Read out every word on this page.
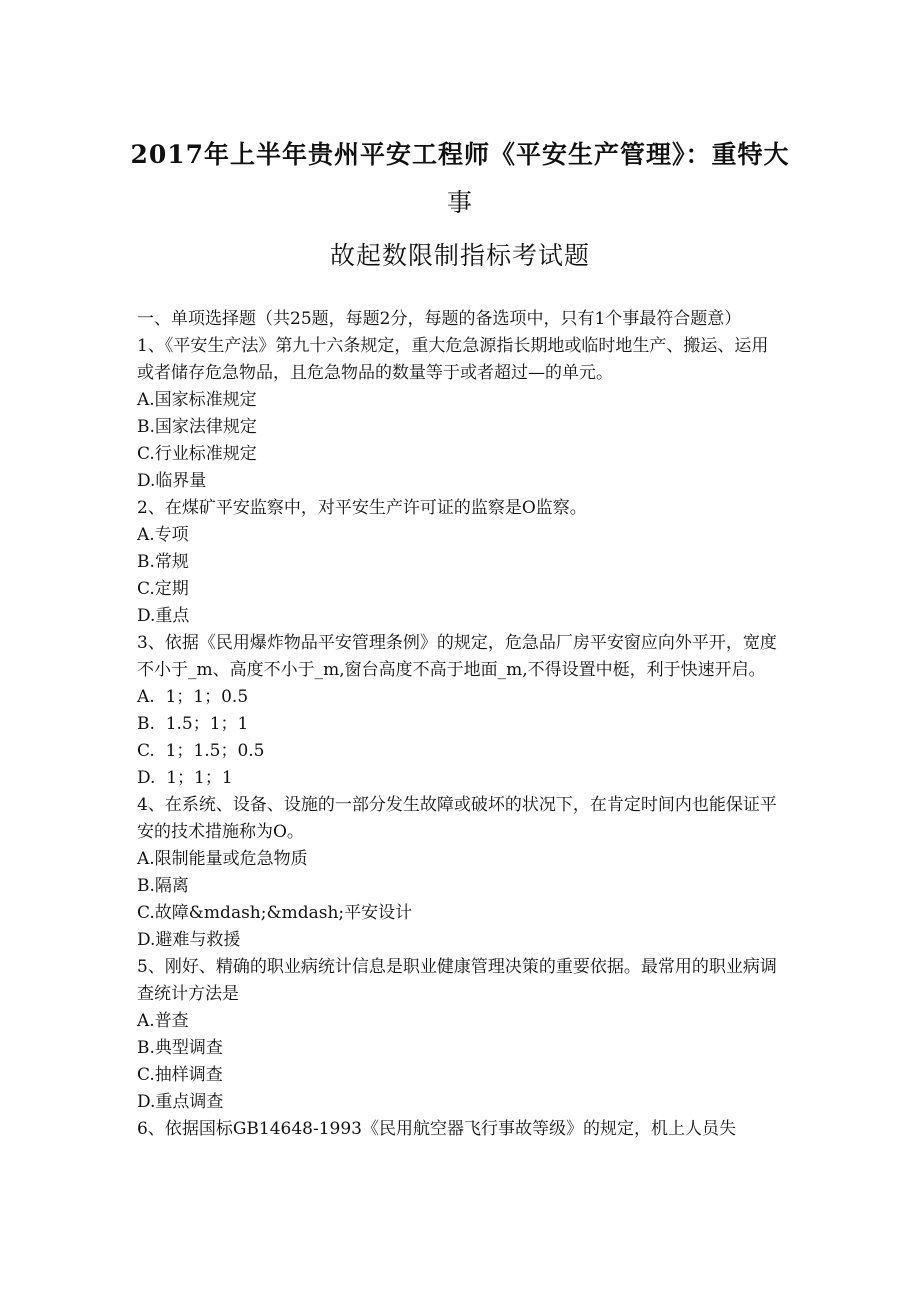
2017年上半年贵州平安工程师《平安生产管理》：重特大
事
故起数限制指标考试题

一、单项选择题（共25题，每题2分，每题的备选项中，只有1个事最符合题意）

1、《平安生产法》第九十六条规定，重大危急源指长期地或临时地生产、搬运、运用或者储存危急物品，且危急物品的数量等于或者超过—的单元。

A.国家标准规定

B.国家法律规定

C.行业标准规定

D.临界量

2、在煤矿平安监察中，对平安生产许可证的监察是O监察。

A.专项

B.常规

C.定期

D.重点

3、依据《民用爆炸物品平安管理条例》的规定，危急品厂房平安窗应向外平开，宽度不小于_m、高度不小于_m,窗台高度不高于地面_m,不得设置中梃，利于快速开启。

A.  1；1；0.5

B.  1.5；1；1

C.  1；1.5；0.5

D.  1；1；1

4、在系统、设备、设施的一部分发生故障或破坏的状况下，在肯定时间内也能保证平安的技术措施称为O。

A.限制能量或危急物质

B.隔离

C.故障&mdash;&mdash;平安设计

D.避难与救援

5、刚好、精确的职业病统计信息是职业健康管理决策的重要依据。最常用的职业病调查统计方法是

A.普查

B.典型调查

C.抽样调查

D.重点调查

6、依据国标GB14648-1993《民用航空器飞行事故等级》的规定，机上人员失
